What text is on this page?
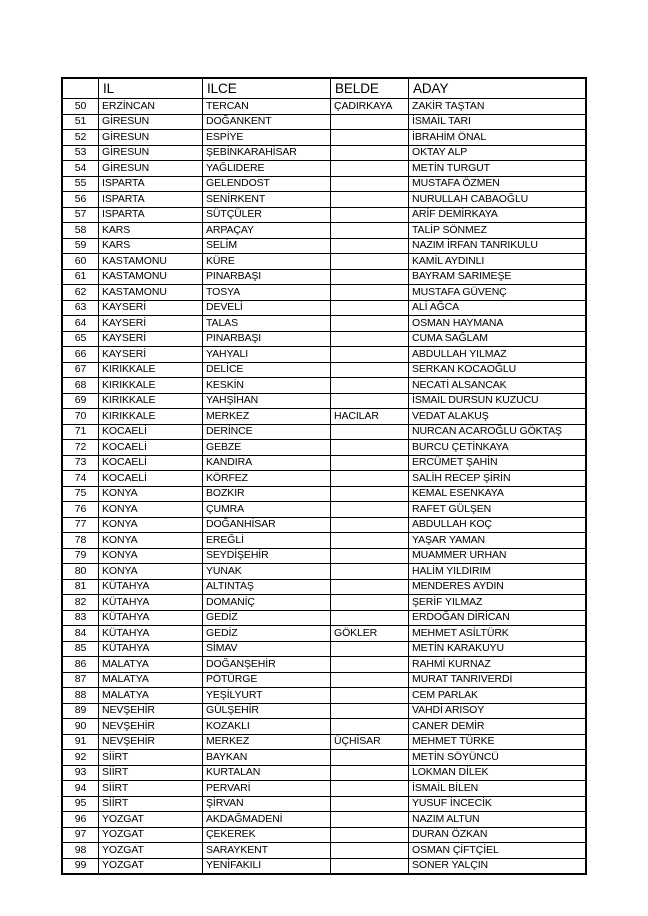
	IL	ILCE	BELDE	ADAY
50	ERZİNCAN	TERCAN	ÇADIRKAYA	ZAKİR TAŞTAN
51	GİRESUN	DOĞANKENT		İSMAİL TARI
52	GİRESUN	ESPİYE		İBRAHİM ÖNAL
53	GİRESUN	ŞEBİNKARAHİSAR		OKTAY ALP
54	GİRESUN	YAĞLIDERE		METİN TURGUT
55	ISPARTA	GELENDOST		MUSTAFA ÖZMEN
56	ISPARTA	SENİRKENT		NURULLAH CABAOĞLU
57	ISPARTA	SÜTÇÜLER		ARİF DEMİRKAYA
58	KARS	ARPAÇAY		TALİP SÖNMEZ
59	KARS	SELİM		NAZIM İRFAN TANRIKULU
60	KASTAMONU	KÜRE		KAMİL AYDINLI
61	KASTAMONU	PINARBAŞI		BAYRAM SARIMEŞE
62	KASTAMONU	TOSYA		MUSTAFA GÜVENÇ
63	KAYSERİ	DEVELİ		ALİ AĞCA
64	KAYSERİ	TALAS		OSMAN HAYMANA
65	KAYSERİ	PINARBAŞI		CUMA SAĞLAM
66	KAYSERİ	YAHYALI		ABDULLAH YILMAZ
67	KIRIKKALE	DELİCE		SERKAN KOCAOĞLU
68	KIRIKKALE	KESKİN		NECATİ ALSANCAK
69	KIRIKKALE	YAHŞİHAN		İSMAİL DURSUN KUZUCU
70	KIRIKKALE	MERKEZ	HACILAR	VEDAT ALAKUŞ
71	KOCAELİ	DERİNCE		NURCAN ACAROĞLU GÖKTAŞ
72	KOCAELİ	GEBZE		BURCU ÇETİNKAYA
73	KOCAELİ	KANDIRA		ERCÜMET ŞAHİN
74	KOCAELİ	KÖRFEZ		SALİH RECEP ŞİRİN
75	KONYA	BOZKIR		KEMAL ESENKAYA
76	KONYA	ÇUMRA		RAFET GÜLŞEN
77	KONYA	DOĞANHİSAR		ABDULLAH KOÇ
78	KONYA	EREĞLİ		YAŞAR YAMAN
79	KONYA	SEYDİŞEHİR		MUAMMER URHAN
80	KONYA	YUNAK		HALİM YILDIRIM
81	KÜTAHYA	ALTINTAŞ		MENDERES AYDIN
82	KÜTAHYA	DOMANİÇ		ŞERİF YILMAZ
83	KÜTAHYA	GEDİZ		ERDOĞAN DİRİCAN
84	KÜTAHYA	GEDİZ	GÖKLER	MEHMET ASİLTÜRK
85	KÜTAHYA	SİMAV		METİN KARAKUYU
86	MALATYA	DOĞANŞEHİR		RAHMİ KURNAZ
87	MALATYA	PÖTÜRGE		MURAT TANRIVERDİ
88	MALATYA	YEŞİLYURT		CEM PARLAK
89	NEVŞEHİR	GÜLŞEHİR		VAHDİ ARISOY
90	NEVŞEHİR	KOZAKLI		CANER DEMİR
91	NEVŞEHİR	MERKEZ	ÜÇHİSAR	MEHMET TÜRKE
92	SİİRT	BAYKAN		METİN SÖYÜNCÜ
93	SİİRT	KURTALAN		LOKMAN DİLEK
94	SİİRT	PERVARİ		İSMAİL BİLEN
95	SİİRT	ŞİRVAN		YUSUF İNCECİK
96	YOZGAT	AKDAĞMADENİ		NAZIM ALTUN
97	YOZGAT	ÇEKEREK		DURAN ÖZKAN
98	YOZGAT	SARAYKENT		OSMAN ÇİFTÇİEL
99	YOZGAT	YENİFAKILI		SONER YALÇIN
